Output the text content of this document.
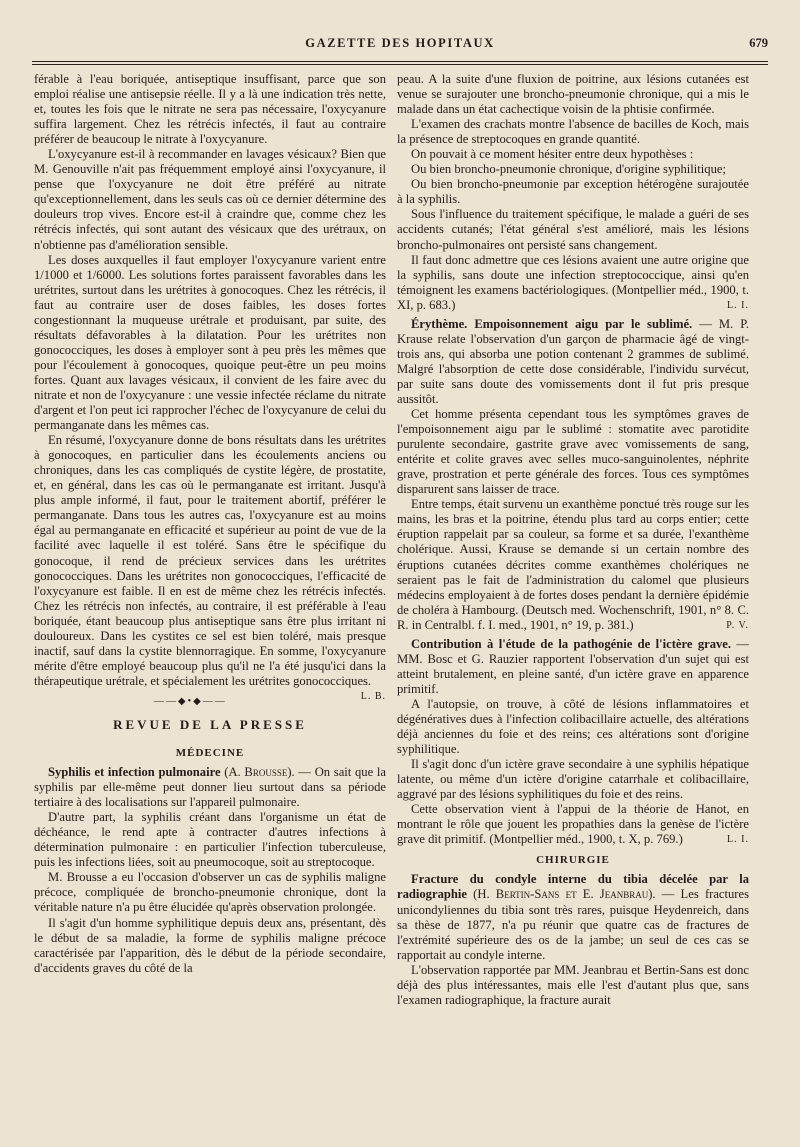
GAZETTE DES HOPITAUX	679

férable à l'eau boriquée, antiseptique insuffisant, parce que son emploi réalise une antisepsie réelle. Il y a là une indication très nette, et, toutes les fois que le nitrate ne sera pas nécessaire, l'oxycyanure suffira largement. Chez les rétrécis infectés, il faut au contraire préférer de beaucoup le nitrate à l'oxycyanure.

L'oxycyanure est-il à recommander en lavages vésicaux? Bien que M. Genouville n'ait pas fréquemment employé ainsi l'oxycyanure, il pense que l'oxycyanure ne doit être préféré au nitrate qu'exceptionnellement, dans les seuls cas où ce dernier détermine des douleurs trop vives. Encore est-il à craindre que, comme chez les rétrécis infectés, qui sont autant des vésicaux que des urétraux, on n'obtienne pas d'amélioration sensible.

Les doses auxquelles il faut employer l'oxycyanure varient entre 1/1000 et 1/6000. Les solutions fortes paraissent favorables dans les urétrites, surtout dans les urétrites à gonocoques. Chez les rétrécis, il faut au contraire user de doses faibles, les doses fortes congestionnant la muqueuse urétrale et produisant, par suite, des résultats défavorables à la dilatation. Pour les urétrites non gonococciques, les doses à employer sont à peu près les mêmes que pour l'écoulement à gonocoques, quoique peut-être un peu moins fortes. Quant aux lavages vésicaux, il convient de les faire avec du nitrate et non de l'oxycyanure : une vessie infectée réclame du nitrate d'argent et l'on peut ici rapprocher l'échec de l'oxycyanure de celui du permanganate dans les mêmes cas.

En résumé, l'oxycyanure donne de bons résultats dans les urétrites à gonocoques, en particulier dans les écoulements anciens ou chroniques, dans les cas compliqués de cystite légère, de prostatite, et, en général, dans les cas où le permanganate est irritant. Jusqu'à plus ample informé, il faut, pour le traitement abortif, préférer le permanganate. Dans tous les autres cas, l'oxycyanure est au moins égal au permanganate en efficacité et supérieur au point de vue de la facilité avec laquelle il est toléré. Sans être le spécifique du gonocoque, il rend de précieux services dans les urétrites gonococciques. Dans les urétrites non gonococciques, l'efficacité de l'oxycyanure est faible. Il en est de même chez les rétrécis infectés. Chez les rétrécis non infectés, au contraire, il est préférable à l'eau boriquée, étant beaucoup plus antiseptique sans être plus irritant ni douloureux. Dans les cystites ce sel est bien toléré, mais presque inactif, sauf dans la cystite blennorragique. En somme, l'oxycyanure mérite d'être employé beaucoup plus qu'il ne l'a été jusqu'ici dans la thérapeutique urétrale, et spécialement les urétrites gonococciques.
L. B.

——◆•◆——
REVUE DE LA PRESSE
MÉDECINE

Syphilis et infection pulmonaire (A. Brousse). — On sait que la syphilis par elle-même peut donner lieu surtout dans sa période tertiaire à des localisations sur l'appareil pulmonaire.

D'autre part, la syphilis créant dans l'organisme un état de déchéance, le rend apte à contracter d'autres infections à détermination pulmonaire : en particulier l'infection tuberculeuse, puis les infections liées, soit au pneumocoque, soit au streptocoque.

M. Brousse a eu l'occasion d'observer un cas de syphilis maligne précoce, compliquée de broncho-pneumonie chronique, dont la véritable nature n'a pu être élucidée qu'après observation prolongée.

Il s'agit d'un homme syphilitique depuis deux ans, présentant, dès le début de sa maladie, la forme de syphilis maligne précoce caractérisée par l'apparition, dès le début de la période secondaire, d'accidents graves du côté de la

peau. A la suite d'une fluxion de poitrine, aux lésions cutanées est venue se surajouter une broncho-pneumonie chronique, qui a mis le malade dans un état cachectique voisin de la phtisie confirmée.

L'examen des crachats montre l'absence de bacilles de Koch, mais la présence de streptocoques en grande quantité.

On pouvait à ce moment hésiter entre deux hypothèses :

Ou bien broncho-pneumonie chronique, d'origine syphilitique;

Ou bien broncho-pneumonie par exception hétérogène surajoutée à la syphilis.

Sous l'influence du traitement spécifique, le malade a guéri de ses accidents cutanés; l'état général s'est amélioré, mais les lésions broncho-pulmonaires ont persisté sans changement.

Il faut donc admettre que ces lésions avaient une autre origine que la syphilis, sans doute une infection streptococcique, ainsi qu'en témoignent les examens bactériologiques. (Montpellier méd., 1900, t. XI, p. 683.)	L. I.

Érythème. Empoisonnement aigu par le sublimé. — M. P. Krause relate l'observation d'un garçon de pharmacie âgé de vingt-trois ans, qui absorba une potion contenant 2 grammes de sublimé. Malgré l'absorption de cette dose considérable, l'individu survécut, par suite sans doute des vomissements dont il fut pris presque aussitôt.

Cet homme présenta cependant tous les symptômes graves de l'empoisonnement aigu par le sublimé : stomatite avec parotidite purulente secondaire, gastrite grave avec vomissements de sang, entérite et colite graves avec selles muco-sanguinolentes, néphrite grave, prostration et perte générale des forces. Tous ces symptômes disparurent sans laisser de trace.

Entre temps, était survenu un exanthème ponctué très rouge sur les mains, les bras et la poitrine, étendu plus tard au corps entier; cette éruption rappelait par sa couleur, sa forme et sa durée, l'exanthème cholérique. Aussi, Krause se demande si un certain nombre des éruptions cutanées décrites comme exanthèmes cholériques ne seraient pas le fait de l'administration du calomel que plusieurs médecins employaient à de fortes doses pendant la dernière épidémie de choléra à Hambourg. (Deutsch med. Wochenschrift, 1901, n° 8. C. R. in Centralbl. f. I. med., 1901, n° 19, p. 381.)	P. V.

Contribution à l'étude de la pathogénie de l'ictère grave. — MM. Bosc et G. Rauzier rapportent l'observation d'un sujet qui est atteint brutalement, en pleine santé, d'un ictère grave en apparence primitif.

A l'autopsie, on trouve, à côté de lésions inflammatoires et dégénératives dues à l'infection colibacillaire actuelle, des altérations déjà anciennes du foie et des reins; ces altérations sont d'origine syphilitique.

Il s'agit donc d'un ictère grave secondaire à une syphilis hépatique latente, ou même d'un ictère d'origine catarrhale et colibacillaire, aggravé par des lésions syphilitiques du foie et des reins.

Cette observation vient à l'appui de la théorie de Hanot, en montrant le rôle que jouent les propathies dans la genèse de l'ictère grave dit primitif. (Montpellier méd., 1900, t. X, p. 769.)	L. I.

CHIRURGIE

Fracture du condyle interne du tibia décelée par la radiographie (H. Bertin-Sans et E. Jeanbrau). — Les fractures unicondyliennes du tibia sont très rares, puisque Heydenreich, dans sa thèse de 1877, n'a pu réunir que quatre cas de fractures de l'extrémité supérieure des os de la jambe; un seul de ces cas se rapportait au condyle interne.

L'observation rapportée par MM. Jeanbrau et Bertin-Sans est donc déjà des plus intéressantes, mais elle l'est d'autant plus que, sans l'examen radiographique, la fracture aurait
